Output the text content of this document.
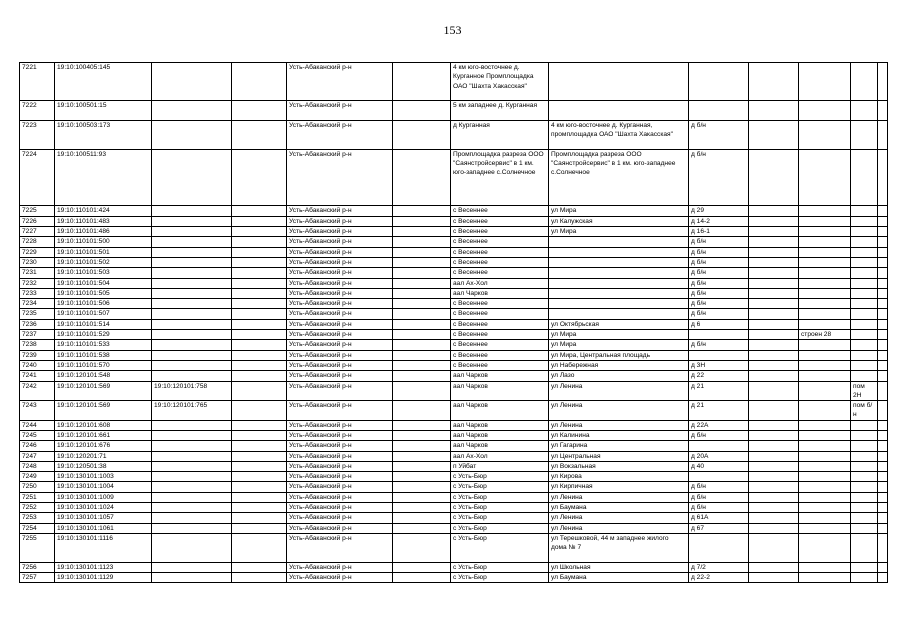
153
7221	19:10:100405:145			Усть-Абаканский р-н		4 км юго-восточнее д. Курганное Промплощадка ОАО "Шахта Хакасская"						
7222	19:10:100501:15			Усть-Абаканский р-н		5 км западнее д. Курганная						
7223	19:10:100503:173			Усть-Абаканский р-н		д Курганная	4 км юго-восточнее д. Курганная, промплощадка ОАО "Шахта Хакасская"	д б/н				
7224	19:10:100511:93			Усть-Абаканский р-н		Промплощадка разреза ООО "Саянстройсервис" в 1 км. юго-западнее с.Солнечное	Промплощадка разреза ООО "Саянстройсервис" в 1 км. юго-западнее с.Солнечное	д б/н				
7225	19:10:110101:424			Усть-Абаканский р-н		с Весеннее	ул Мира	д 29				
7226	19:10:110101:483			Усть-Абаканский р-н		с Весеннее	ул Калужская	д 14-2				
7227	19:10:110101:486			Усть-Абаканский р-н		с Весеннее	ул Мира	д 16-1				
7228	19:10:110101:500			Усть-Абаканский р-н		с Весеннее		д б/н				
7229	19:10:110101:501			Усть-Абаканский р-н		с Весеннее		д б/н				
7230	19:10:110101:502			Усть-Абаканский р-н		с Весеннее		д б/н				
7231	19:10:110101:503			Усть-Абаканский р-н		с Весеннее		д б/н				
7232	19:10:110101:504			Усть-Абаканский р-н		аал Ах-Хол		д б/н				
7233	19:10:110101:505			Усть-Абаканский р-н		аал Чарков		д б/н				
7234	19:10:110101:506			Усть-Абаканский р-н		с Весеннее		д б/н				
7235	19:10:110101:507			Усть-Абаканский р-н		с Весеннее		д б/н				
7236	19:10:110101:514			Усть-Абаканский р-н		с Весеннее	ул Октябрьская	д 6				
7237	19:10:110101:529			Усть-Абаканский р-н		с Весеннее	ул Мира			строен 28		
7238	19:10:110101:533			Усть-Абаканский р-н		с Весеннее	ул Мира	д б/н				
7239	19:10:110101:538			Усть-Абаканский р-н		с Весеннее	ул Мира, Центральная площадь					
7240	19:10:110101:570			Усть-Абаканский р-н		с Весеннее	ул Набережная	д 3Н				
7241	19:10:120101:548			Усть-Абаканский р-н		аал Чарков	ул Лазо	д 22				
7242	19:10:120101:569	19:10:120101:758		Усть-Абаканский р-н		аал Чарков	ул Ленина	д 21			пом 2Н	
7243	19:10:120101:569	19:10:120101:765		Усть-Абаканский р-н		аал Чарков	ул Ленина	д 21			пом б/н	
7244	19:10:120101:608			Усть-Абаканский р-н		аал Чарков	ул Ленина	д 22А				
7245	19:10:120101:661			Усть-Абаканский р-н		аал Чарков	ул Калинина	д б/н				
7246	19:10:120101:676			Усть-Абаканский р-н		аал Чарков	ул Гагарина					
7247	19:10:120201:71			Усть-Абаканский р-н		аал Ах-Хол	ул Центральная	д 20А				
7248	19:10:120501:38			Усть-Абаканский р-н		п Уйбат	ул Вокзальная	д 40				
7249	19:10:130101:1003			Усть-Абаканский р-н		с Усть-Бюр	ул Кирова					
7250	19:10:130101:1004			Усть-Абаканский р-н		с Усть-Бюр	ул Кирпичная	д б/н				
7251	19:10:130101:1009			Усть-Абаканский р-н		с Усть-Бюр	ул Ленина	д б/н				
7252	19:10:130101:1024			Усть-Абаканский р-н		с Усть-Бюр	ул Баумана	д б/н				
7253	19:10:130101:1057			Усть-Абаканский р-н		с Усть-Бюр	ул Ленина	д 61А				
7254	19:10:130101:1061			Усть-Абаканский р-н		с Усть-Бюр	ул Ленина	д 67				
7255	19:10:130101:1116			Усть-Абаканский р-н		с Усть-Бюр	ул Терешковой, 44 м западнее жилого дома № 7					
7256	19:10:130101:1123			Усть-Абаканский р-н		с Усть-Бюр	ул Школьная	д 7/2				
7257	19:10:130101:1129			Усть-Абаканский р-н		с Усть-Бюр	ул Баумана	д 22-2				
